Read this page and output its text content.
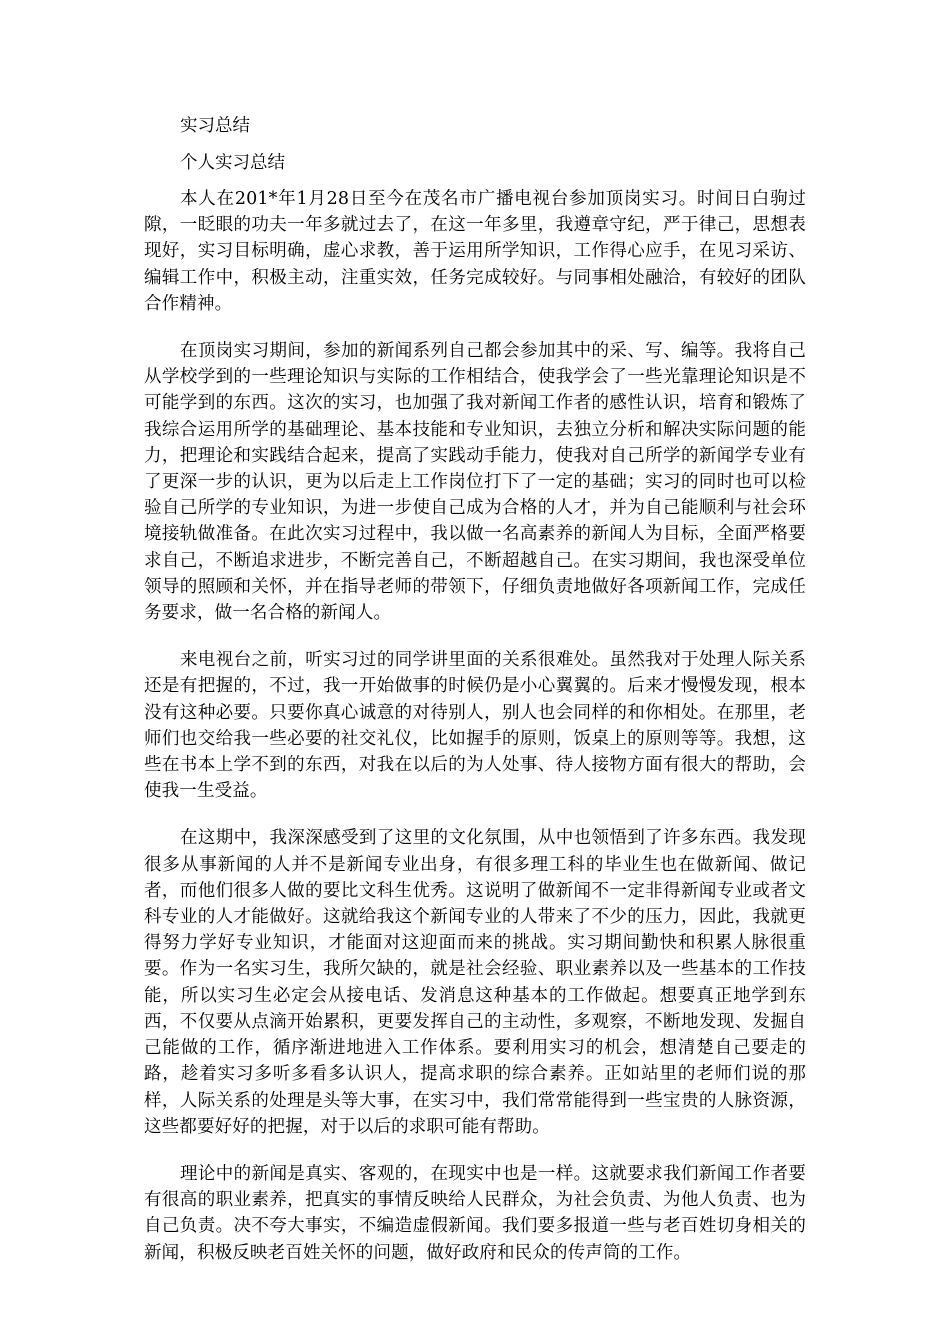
实习总结

个人实习总结

本人在201*年1月28日至今在茂名市广播电视台参加顶岗实习。时间日白驹过隙，一眨眼的功夫一年多就过去了，在这一年多里，我遵章守纪，严于律己，思想表现好，实习目标明确，虚心求教，善于运用所学知识，工作得心应手，在见习采访、编辑工作中，积极主动，注重实效，任务完成较好。与同事相处融洽，有较好的团队合作精神。

在顶岗实习期间，参加的新闻系列自己都会参加其中的采、写、编等。我将自己从学校学到的一些理论知识与实际的工作相结合，使我学会了一些光靠理论知识是不可能学到的东西。这次的实习，也加强了我对新闻工作者的感性认识，培育和锻炼了我综合运用所学的基础理论、基本技能和专业知识，去独立分析和解决实际问题的能力，把理论和实践结合起来，提高了实践动手能力，使我对自己所学的新闻学专业有了更深一步的认识，更为以后走上工作岗位打下了一定的基础；实习的同时也可以检验自己所学的专业知识，为进一步使自己成为合格的人才，并为自己能顺利与社会环境接轨做准备。在此次实习过程中，我以做一名高素养的新闻人为目标，全面严格要求自己，不断追求进步，不断完善自己，不断超越自己。在实习期间，我也深受单位领导的照顾和关怀，并在指导老师的带领下，仔细负责地做好各项新闻工作，完成任务要求，做一名合格的新闻人。

来电视台之前，听实习过的同学讲里面的关系很难处。虽然我对于处理人际关系还是有把握的，不过，我一开始做事的时候仍是小心翼翼的。后来才慢慢发现，根本没有这种必要。只要你真心诚意的对待别人，别人也会同样的和你相处。在那里，老师们也交给我一些必要的社交礼仪，比如握手的原则，饭桌上的原则等等。我想，这些在书本上学不到的东西，对我在以后的为人处事、待人接物方面有很大的帮助，会使我一生受益。

在这期中，我深深感受到了这里的文化氛围，从中也领悟到了许多东西。我发现很多从事新闻的人并不是新闻专业出身，有很多理工科的毕业生也在做新闻、做记者，而他们很多人做的要比文科生优秀。这说明了做新闻不一定非得新闻专业或者文科专业的人才能做好。这就给我这个新闻专业的人带来了不少的压力，因此，我就更得努力学好专业知识，才能面对这迎面而来的挑战。实习期间勤快和积累人脉很重要。作为一名实习生，我所欠缺的，就是社会经验、职业素养以及一些基本的工作技能，所以实习生必定会从接电话、发消息这种基本的工作做起。想要真正地学到东西，不仅要从点滴开始累积，更要发挥自己的主动性，多观察，不断地发现、发掘自己能做的工作，循序渐进地进入工作体系。要利用实习的机会，想清楚自己要走的路，趁着实习多听多看多认识人，提高求职的综合素养。正如站里的老师们说的那样，人际关系的处理是头等大事，在实习中，我们常常能得到一些宝贵的人脉资源，这些都要好好的把握，对于以后的求职可能有帮助。

理论中的新闻是真实、客观的，在现实中也是一样。这就要求我们新闻工作者要有很高的职业素养，把真实的事情反映给人民群众，为社会负责、为他人负责、也为自己负责。决不夸大事实，不编造虚假新闻。我们要多报道一些与老百姓切身相关的新闻，积极反映老百姓关怀的问题，做好政府和民众的传声筒的工作。
